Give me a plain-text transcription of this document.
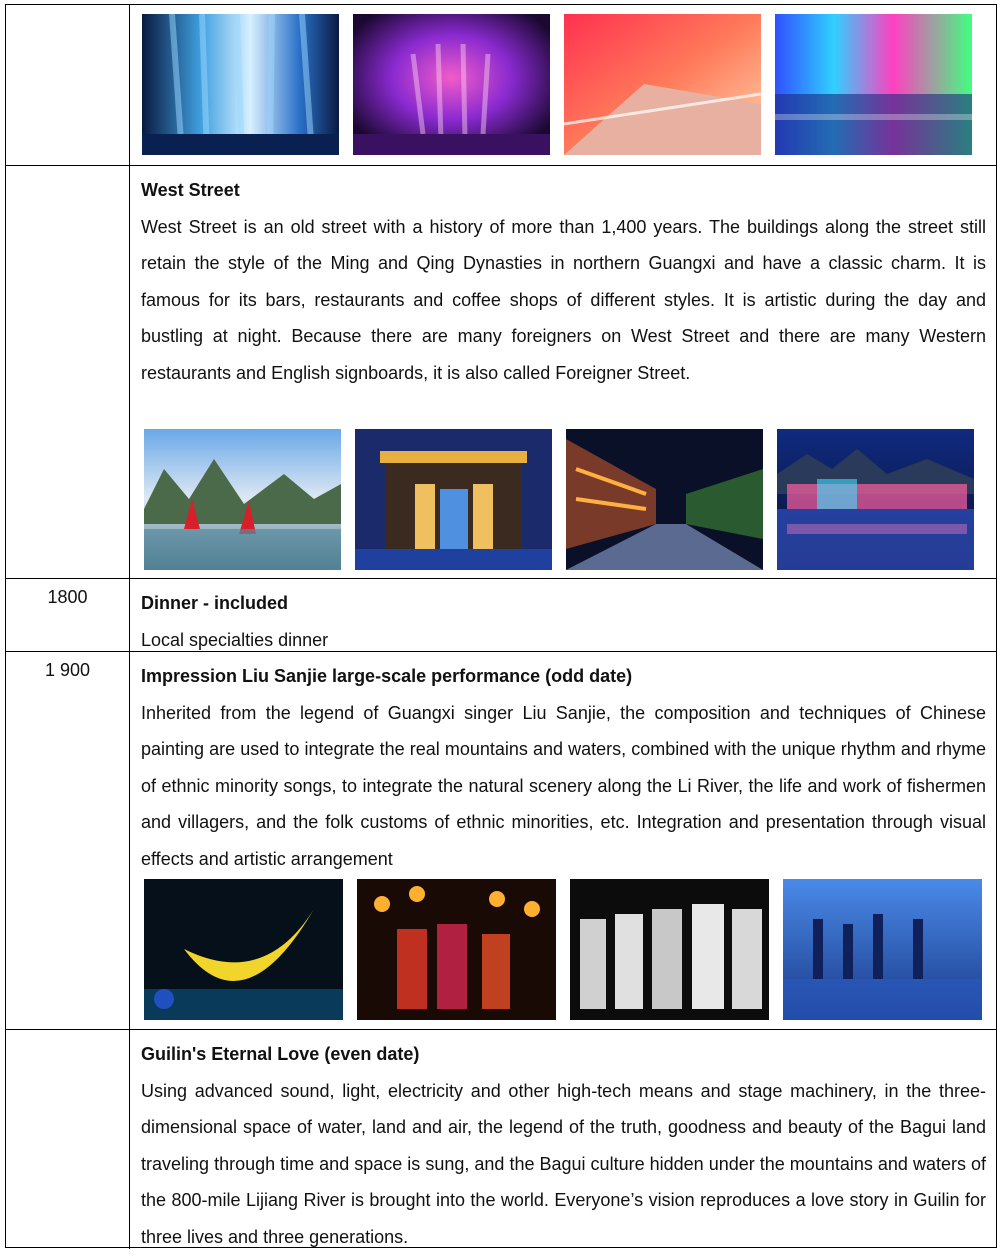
West Street

West Street is an old street with a history of more than 1,400 years. The buildings along the street still retain the style of the Ming and Qing Dynasties in northern Guangxi and have a classic charm. It is famous for its bars, restaurants and coffee shops of different styles. It is artistic during the day and bustling at night. Because there are many foreigners on West Street and there are many Western restaurants and English signboards, it is also called Foreigner Street.

1800	Dinner - included

Local specialties dinner

1 900	Impression Liu Sanjie large-scale performance (odd date)

Inherited from the legend of Guangxi singer Liu Sanjie, the composition and techniques of Chinese painting are used to integrate the real mountains and waters, combined with the unique rhythm and rhyme of ethnic minority songs, to integrate the natural scenery along the Li River, the life and work of fishermen and villagers, and the folk customs of ethnic minorities, etc. Integration and presentation through visual effects and artistic arrangement

Guilin's Eternal Love (even date)

Using advanced sound, light, electricity and other high-tech means and stage machinery, in the three-dimensional space of water, land and air, the legend of the truth, goodness and beauty of the Bagui land traveling through time and space is sung, and the Bagui culture hidden under the mountains and waters of the 800-mile Lijiang River is brought into the world. Everyone’s vision reproduces a love story in Guilin for three lives and three generations.
